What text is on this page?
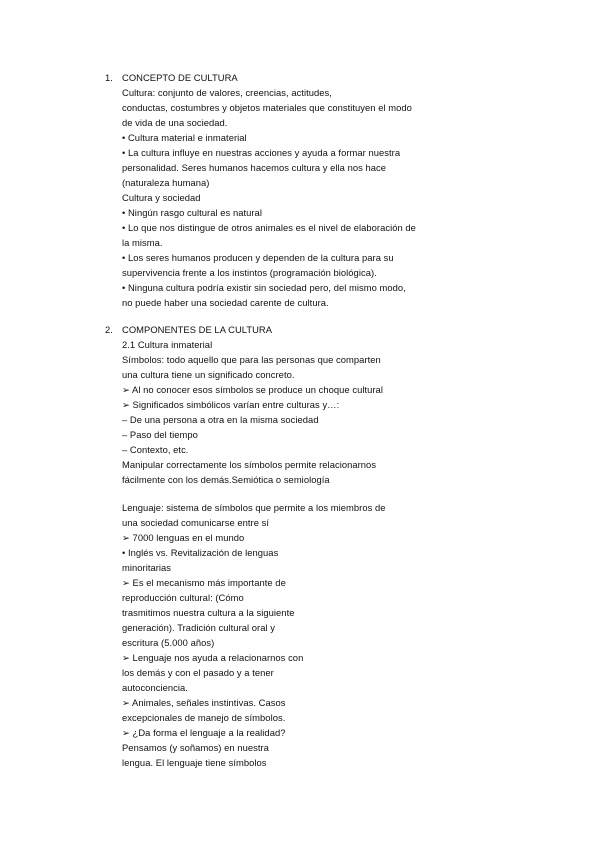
1. CONCEPTO DE CULTURA
Cultura: conjunto de valores, creencias, actitudes,
conductas, costumbres y objetos materiales que constituyen el modo
de vida de una sociedad.
• Cultura material e inmaterial
• La cultura influye en nuestras acciones y ayuda a formar nuestra
personalidad. Seres humanos hacemos cultura y ella nos hace
(naturaleza humana)
Cultura y sociedad
• Ningún rasgo cultural es natural
• Lo que nos distingue de otros animales es el nivel de elaboración de
la misma.
• Los seres humanos producen y dependen de la cultura para su
supervivencia frente a los instintos (programación biológica).
• Ninguna cultura podría existir sin sociedad pero, del mismo modo,
no puede haber una sociedad carente de cultura.
2. COMPONENTES DE LA CULTURA
2.1 Cultura inmaterial
Símbolos: todo aquello que para las personas que comparten
una cultura tiene un significado concreto.
➢ Al no conocer esos símbolos se produce un choque cultural
➢ Significados simbólicos varían entre culturas y…:
– De una persona a otra en la misma sociedad
– Paso del tiempo
– Contexto, etc.
Manipular correctamente los símbolos permite relacionarnos
fácilmente con los demás.Semiótica o semiología
Lenguaje: sistema de símbolos que permite a los miembros de
una sociedad comunicarse entre sí
➢ 7000 lenguas en el mundo
• Inglés vs. Revitalización de lenguas
minoritarias
➢ Es el mecanismo más importante de
reproducción cultural: (Cómo
trasmitimos nuestra cultura a la siguiente
generación). Tradición cultural oral y
escritura (5.000 años)
➢ Lenguaje nos ayuda a relacionarnos con
los demás y con el pasado y a tener
autoconciencia.
➢ Animales, señales instintivas. Casos
excepcionales de manejo de símbolos.
➢ ¿Da forma el lenguaje a la realidad?
Pensamos (y soñamos) en nuestra
lengua. El lenguaje tiene símbolos
